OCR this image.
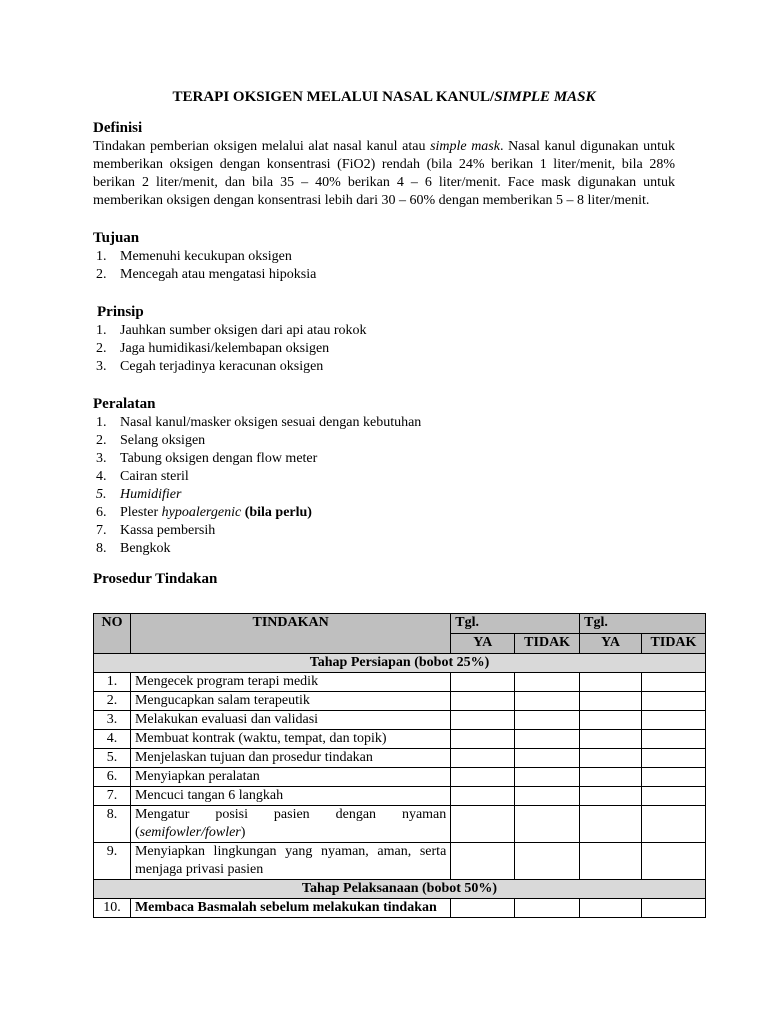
TERAPI OKSIGEN MELALUI NASAL KANUL/SIMPLE MASK

Definisi

Tindakan pemberian oksigen melalui alat nasal kanul atau simple mask. Nasal kanul digunakan untuk memberikan oksigen dengan konsentrasi (FiO2) rendah (bila 24% berikan 1 liter/menit, bila 28% berikan 2 liter/menit, dan bila 35 – 40% berikan 4 – 6 liter/menit. Face mask digunakan untuk memberikan oksigen dengan konsentrasi lebih dari 30 – 60% dengan memberikan 5 – 8 liter/menit.

Tujuan

1. Memenuhi kecukupan oksigen
2. Mencegah atau mengatasi hipoksia

Prinsip

1. Jauhkan sumber oksigen dari api atau rokok
2. Jaga humidikasi/kelembapan oksigen
3. Cegah terjadinya keracunan oksigen

Peralatan

1. Nasal kanul/masker oksigen sesuai dengan kebutuhan
2. Selang oksigen
3. Tabung oksigen dengan flow meter
4. Cairan steril
5. Humidifier
6. Plester hypoalergenic (bila perlu)
7. Kassa pembersih
8. Bengkok

Prosedur Tindakan

NO	TINDAKAN	Tgl.		Tgl.	
		YA	TIDAK	YA	TIDAK
Tahap Persiapan (bobot 25%)					
1.	Mengecek program terapi medik				
2.	Mengucapkan salam terapeutik				
3.	Melakukan evaluasi dan validasi				
4.	Membuat kontrak (waktu, tempat, dan topik)				
5.	Menjelaskan tujuan dan prosedur tindakan				
6.	Menyiapkan peralatan				
7.	Mencuci tangan 6 langkah				
8.	Mengatur posisi pasien dengan nyaman (semifowler/fowler)				
9.	Menyiapkan lingkungan yang nyaman, aman, serta menjaga privasi pasien				
Tahap Pelaksanaan (bobot 50%)					
10.	Membaca Basmalah sebelum melakukan tindakan				
